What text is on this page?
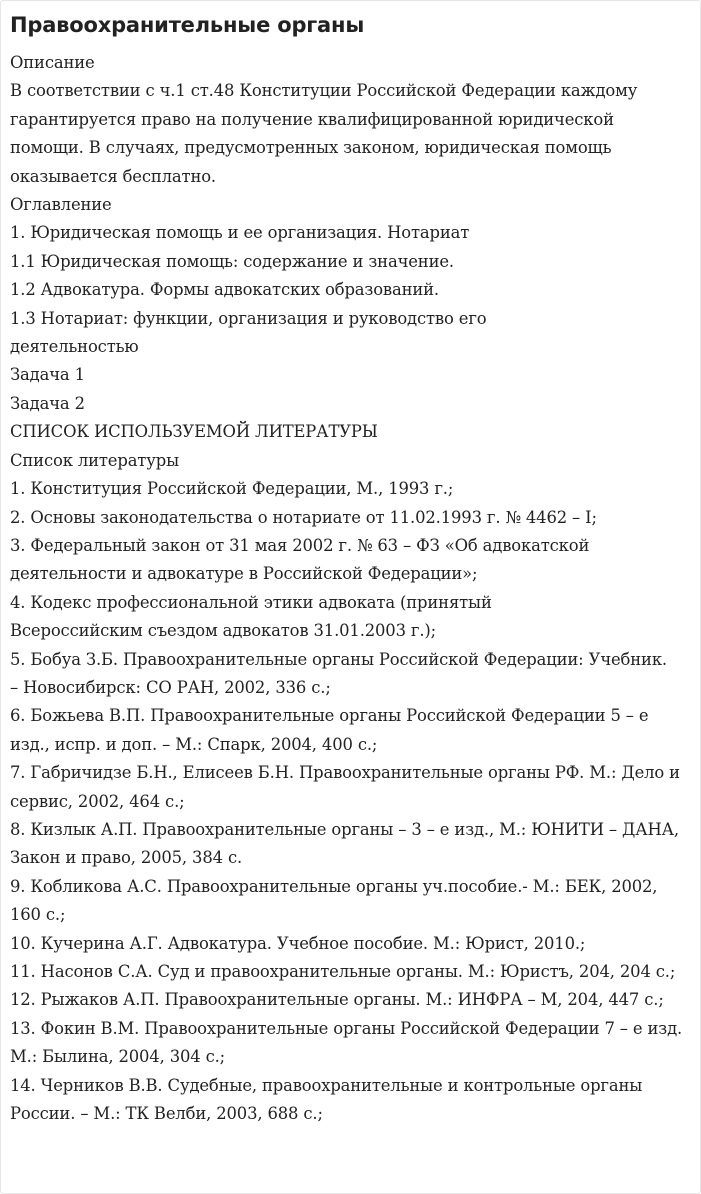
Правоохранительные органы
Описание
В соответствии с ч.1 ст.48 Конституции Российской Федерации каждому гарантируется право на получение квалифицированной юридической помощи. В случаях, предусмотренных законом, юридическая помощь оказывается бесплатно.
Оглавление
1. Юридическая помощь и ее организация. Нотариат
1.1 Юридическая помощь: содержание и значение.
1.2 Адвокатура. Формы адвокатских образований.
1.3 Нотариат: функции, организация и руководство его деятельностью
Задача 1
Задача 2
СПИСОК ИСПОЛЬЗУЕМОЙ ЛИТЕРАТУРЫ
Список литературы
1. Конституция Российской Федерации, М., 1993 г.;
2. Основы законодательства о нотариате от 11.02.1993 г. № 4462 – I;
3. Федеральный закон от 31 мая 2002 г. № 63 – ФЗ «Об адвокатской деятельности и адвокатуре в Российской Федерации»;
4. Кодекс профессиональной этики адвоката (принятый Всероссийским съездом адвокатов 31.01.2003 г.);
5. Бобуа З.Б. Правоохранительные органы Российской Федерации: Учебник. – Новосибирск: СО РАН, 2002, 336 с.;
6. Божьева В.П. Правоохранительные органы Российской Федерации 5 – е изд., испр. и доп. – М.: Спарк, 2004, 400 с.;
7. Габричидзе Б.Н., Елисеев Б.Н. Правоохранительные органы РФ. М.: Дело и сервис, 2002, 464 с.;
8. Кизлык А.П. Правоохранительные органы – 3 – е изд., М.: ЮНИТИ – ДАНА, Закон и право, 2005, 384 с.
9. Кобликова А.С. Правоохранительные органы уч.пособие.- М.: БЕК, 2002, 160 с.;
10. Кучерина А.Г. Адвокатура. Учебное пособие. М.: Юрист, 2010.;
11. Насонов С.А. Суд и правоохранительные органы. М.: Юристъ, 204, 204 с.;
12. Рыжаков А.П. Правоохранительные органы. М.: ИНФРА – М, 204, 447 с.;
13. Фокин В.М. Правоохранительные органы Российской Федерации 7 – е изд. М.: Былина, 2004, 304 с.;
14. Черников В.В. Судебные, правоохранительные и контрольные органы России. – М.: ТК Велби, 2003, 688 с.;
